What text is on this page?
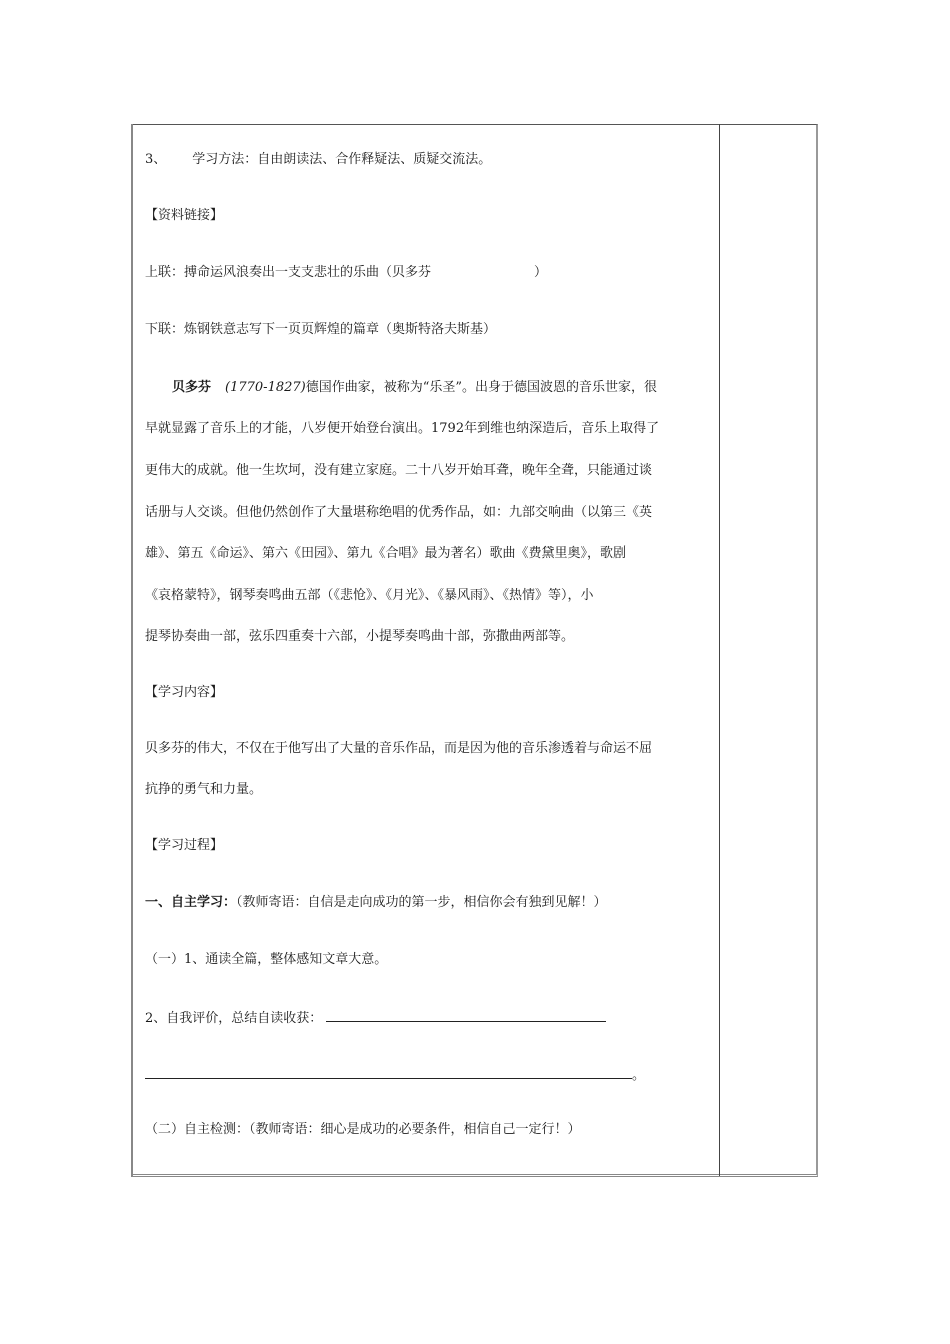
3、 学习方法：自由朗读法、合作释疑法、质疑交流法。
【资料链接】
上联：搏命运风浪奏出一支支悲壮的乐曲（贝多芬	）
下联：炼钢铁意志写下一页页辉煌的篇章（奥斯特洛夫斯基）
贝多芬 (1770-1827)德国作曲家，被称为“乐圣”。出身于德国波恩的音乐世家，很
早就显露了音乐上的才能，八岁便开始登台演出。1792年到维也纳深造后，音乐上取得了
更伟大的成就。他一生坎坷，没有建立家庭。二十八岁开始耳聋，晚年全聋，只能通过谈
话册与人交谈。但他仍然创作了大量堪称绝唱的优秀作品，如：九部交响曲（以第三《英
雄》、第五《命运》、第六《田园》、第九《合唱》最为著名）歌曲《费黛里奥》，歌剧
《哀格蒙特》，钢琴奏鸣曲五部（《悲怆》、《月光》、《暴风雨》、《热情》等），小
提琴协奏曲一部，弦乐四重奏十六部，小提琴奏鸣曲十部，弥撒曲两部等。
【学习内容】
贝多芬的伟大，不仅在于他写出了大量的音乐作品，而是因为他的音乐渗透着与命运不屈
抗挣的勇气和力量。
【学习过程】
一、自主学习：（教师寄语：自信是走向成功的第一步，相信你会有独到见解！）
（一）1、通读全篇，整体感知文章大意。
2、自我评价，总结自读收获：
。
（二）自主检测：（教师寄语：细心是成功的必要条件，相信自己一定行！）
